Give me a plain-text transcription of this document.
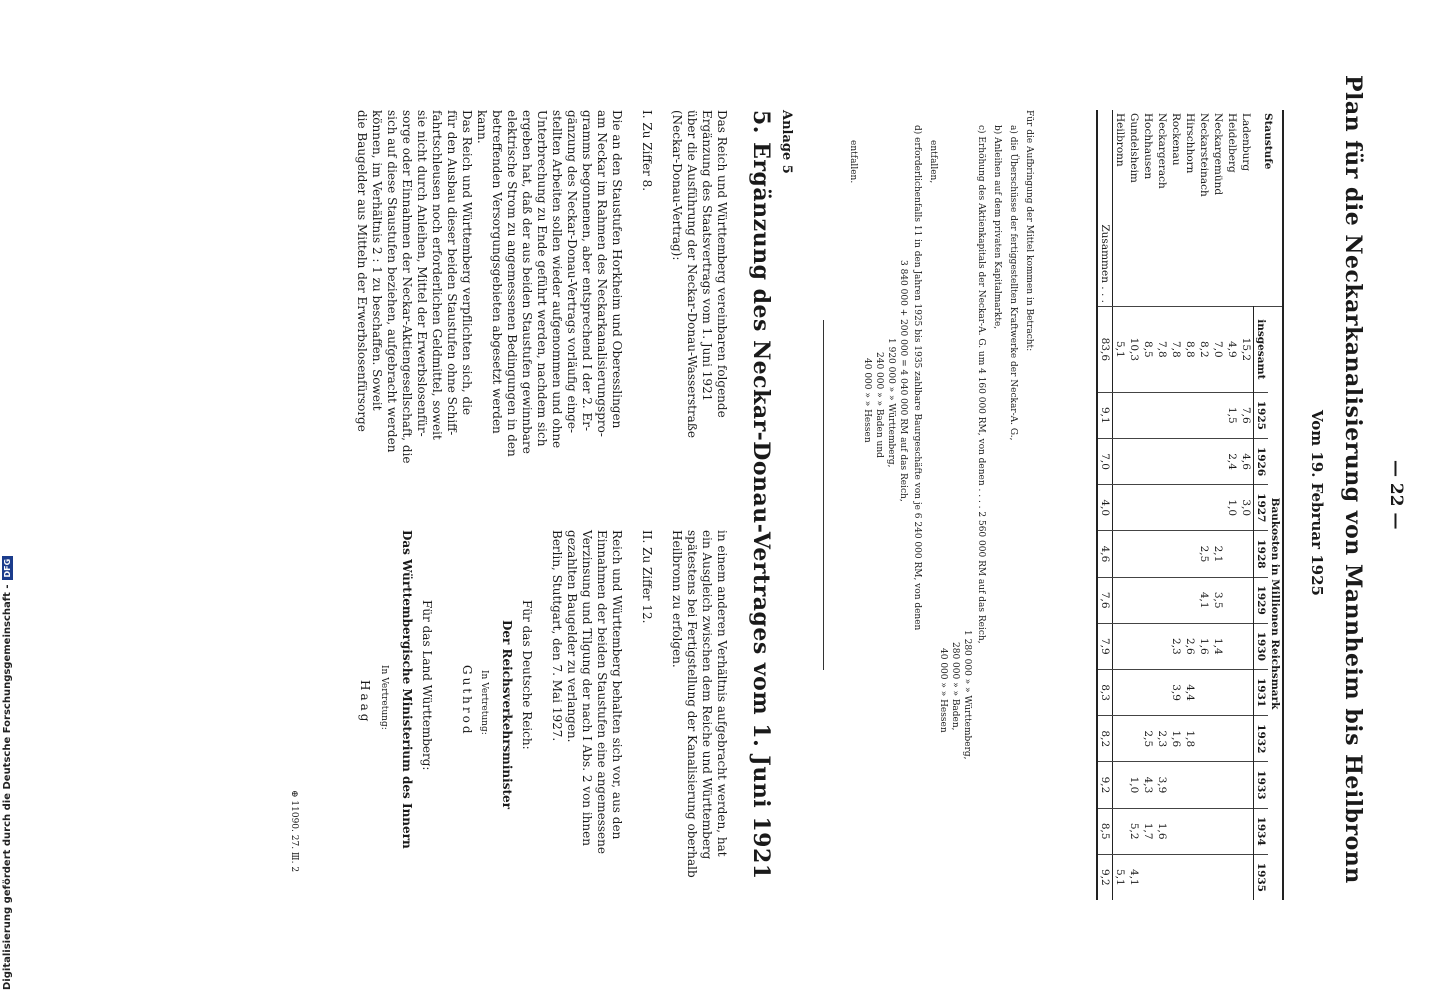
— 22 —
Plan für die Neckarkanalisierung von Mannheim bis Heilbronn
Vom 19. Februar 1925
Staustufe	Baukosten in Millionen Reichsmark											
	insgesamt	1925	1926	1927	1928	1929	1930	1931	1932	1933	1934	1935
Ladenburg	15,2	7,6	4,6	3,0								
Heidelberg	4,9	1,5	2,4	1,0								
Neckargemünd	7,0				2,1	3,5	1,4					
Neckarsteinach	8,2				2,5	4,1	1,6					
Hirschhorn	8,8						2,6	4,4	1,8			
Rockenau	7,8						2,3	3,9	1,6			
Neckargerach	7,8								2,3	3,9	1,6	
Hochhausen	8,5								2,5	4,3	1,7	
Gundelsheim	10,3									1,0	5,2	4,1
Heilbronn	5,1											5,1
Zusammen . . .	83,6	9,1	7,0	4,0	4,6	7,6	7,9	8,3	8,2	9,2	8,5	9,2
Für die Aufbringung der Mittel kommen in Betracht:
a) die Überschüsse der fertiggestellten Kraftwerke der Neckar-A. G.,
b) Anleihen auf dem privaten Kapitalmarkte,
c) Erhöhung des Aktienkapitals der Neckar-A. G. um 4 160 000 RM, von denen . . . . 2 560 000 RM auf das Reich,
1 280 000 » » Württemberg,
280 000 » » Baden,
40 000 » » Hessen
entfallen,
d) erforderlichenfalls 11 in den Jahren 1925 bis 1935 zahlbare Baurgeschäfte von je 6 240 000 RM, von denen
3 840 000 + 200 000 = 4 040 000 RM auf das Reich,
1 920 000 » » Württemberg,
240 000 » » Baden und
40 000 » » Hessen
entfallen.
Anlage 5
5. Ergänzung des Neckar-Donau-Vertrages vom 1. Juni 1921
Das Reich und Württemberg vereinbaren folgende
Ergänzung des Staatsvertrags vom 1. Juni 1921
über die Ausführung der Neckar-Donau-Wasserstraße
(Neckar-Donau-Vertrag):
I. Zu Ziffer 8.
Die an den Staustufen Horkheim und Oberesslingen
am Neckar im Rahmen des Neckarkanalisierungspro-
gramms begonnenen, aber entsprechend I der 2. Er-
gänzung des Neckar-Donau-Vertrags vorläufig einge-
stellten Arbeiten sollen wieder aufgenommen und ohne
Unterbrechung zu Ende geführt werden, nachdem sich
ergeben hat, daß der aus beiden Staustufen gewinnbare
elektrische Strom zu angemessenen Bedingungen in den
betreffenden Versorgungsgebieten abgesetzt werden
kann.
Das Reich und Württemberg verpflichten sich, die
für den Ausbau dieser beiden Staustufen ohne Schiff-
fahrtschleusen noch erforderlichen Geldmittel, soweit
sie nicht durch Anleihen, Mittel der Erwerbslosenfür-
sorge oder Einnahmen der Neckar-Aktiengesellschaft, die
sich auf diese Staustufen beziehen, aufgebracht werden
können, im Verhältnis 2 : 1 zu beschaffen. Soweit
die Baugelder aus Mitteln der Erwerbslosenfürsorge
in einem anderen Verhältnis aufgebracht werden, hat
ein Ausgleich zwischen dem Reiche und Württemberg
spätestens bei Fertigstellung der Kanalisierung oberhalb
Heilbronn zu erfolgen.
II. Zu Ziffer 12.
Reich und Württemberg behalten sich vor, aus den
Einnahmen der beiden Staustufen eine angemessene
Verzinsung und Tilgung der nach I Abs. 2 von ihnen
gezahlten Baugelder zu verlangen.
Berlin, Stuttgart, den 7. Mai 1927.
Für das Deutsche Reich:
Der Reichsverkehrsminister
In Vertretung:
Guthrod
Für das Land Württemberg:
Das Württembergische Ministerium des Innern
In Vertretung:
Haag
⊕ 11090. 27. Ⅲ. 2
Digitalisierung gefördert durch die Deutsche Forschungsgemeinschaft -DFG
